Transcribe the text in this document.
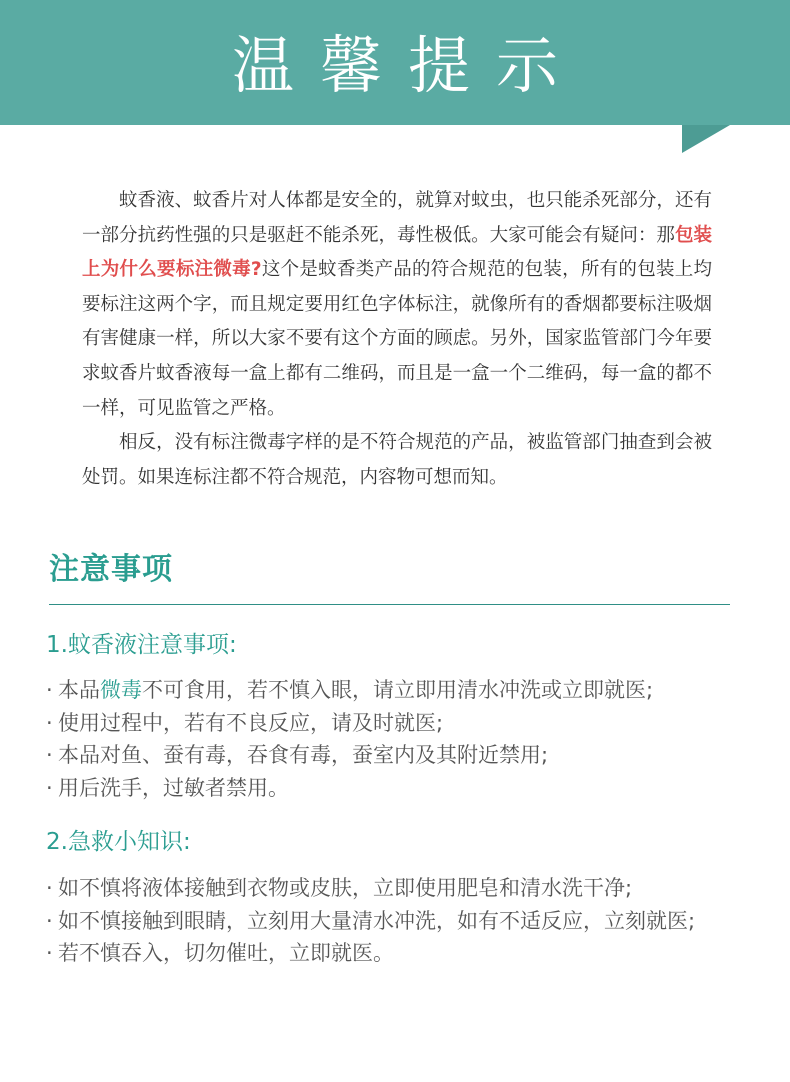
温馨提示

蚊香液、蚊香片对人体都是安全的，就算对蚊虫，也只能杀死部分，还有一部分抗药性强的只是驱赶不能杀死，毒性极低。大家可能会有疑问：那包装上为什么要标注微毒?这个是蚊香类产品的符合规范的包装，所有的包装上均要标注这两个字，而且规定要用红色字体标注，就像所有的香烟都要标注吸烟有害健康一样，所以大家不要有这个方面的顾虑。另外，国家监管部门今年要求蚊香片蚊香液每一盒上都有二维码，而且是一盒一个二维码，每一盒的都不一样，可见监管之严格。

相反，没有标注微毒字样的是不符合规范的产品，被监管部门抽查到会被处罚。如果连标注都不符合规范，内容物可想而知。

注意事项
1.蚊香液注意事项:
· 本品微毒不可食用，若不慎入眼，请立即用清水冲洗或立即就医;
· 使用过程中，若有不良反应，请及时就医;
· 本品对鱼、蚕有毒，吞食有毒，蚕室内及其附近禁用;
· 用后洗手，过敏者禁用。
2.急救小知识:
· 如不慎将液体接触到衣物或皮肤，立即使用肥皂和清水洗干净;
· 如不慎接触到眼睛，立刻用大量清水冲洗，如有不适反应，立刻就医;
· 若不慎吞入，切勿催吐，立即就医。
